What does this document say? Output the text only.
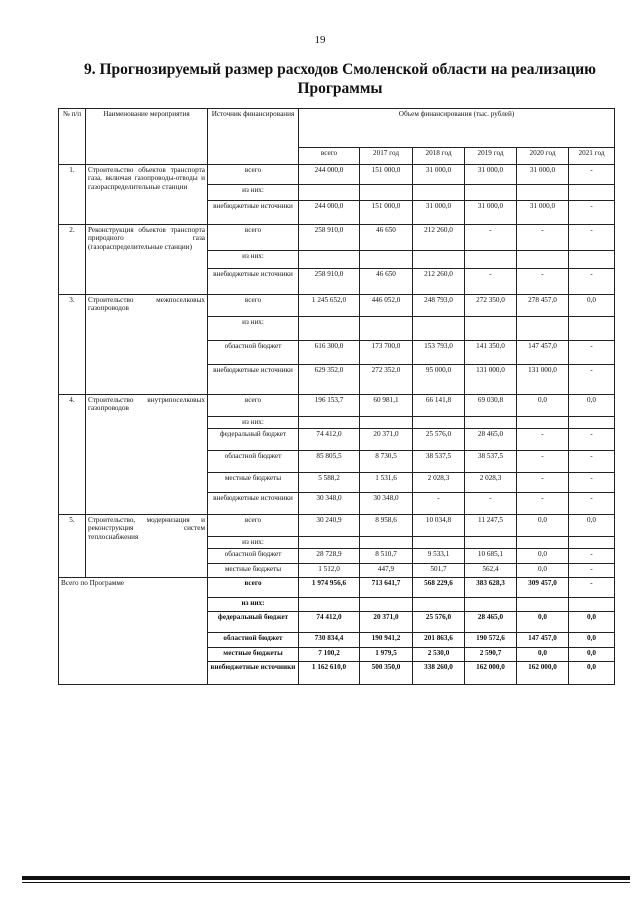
19
9. Прогнозируемый размер расходов Смоленской области на реализацию
Программы
№ п/п	Наименование мероприятия	Источник финансирования	Объем финансирования (тыс. рублей)					
			всего	2017 год	2018 год	2019 год	2020 год	2021 год
1.	Строительство объектов транспорта газа, включая газопроводы-отводы и газораспределительные станции	всего	244 000,0	151 000,0	31 000,0	31 000,0	31 000,0	-
		из них:						
		внебюджетные источники	244 000,0	151 000,0	31 000,0	31 000,0	31 000,0	-
2.	Реконструкция объектов транспорта природного газа (газораспределительные станции)	всего	258 910,0	46 650	212 260,0	-	-	-
		из них:						
		внебюджетные источники	258 910,0	46 650	212 260,0	-	-	-
3.	Строительство межпоселковых газопроводов	всего	1 245 652,0	446 052,0	248 793,0	272 350,0	278 457,0	0,0
		из них:						
		областной бюджет	616 300,0	173 700,0	153 793,0	141 350,0	147 457,0	-
		внебюджетные источники	629 352,0	272 352,0	95 000,0	131 000,0	131 000,0	-
4.	Строительство внутрипоселковых газопроводов	всего	196 153,7	60 981,1	66 141,8	69 030,8	0,0	0,0
		из них:						
		федеральный бюджет	74 412,0	20 371,0	25 576,0	28 465,0	-	-
		областной бюджет	85 805,5	8 730,5	38 537,5	38 537,5	-	-
		местные бюджеты	5 588,2	1 531,6	2 028,3	2 028,3	-	-
		внебюджетные источники	30 348,0	30 348,0	-	-	-	-
5.	Строительство, модернизация и реконструкция систем теплоснабжения	всего	30 240,9	8 958,6	10 034,8	11 247,5	0,0	0,0
		из них:						
		областной бюджет	28 728,9	8 510,7	9 533,1	10 685,1	0,0	-
		местные бюджеты	1 512,0	447,9	501,7	562,4	0,0	-
Всего по Программе		всего	1 974 956,6	713 641,7	568 229,6	383 628,3	309 457,0	-
		из них:						
		федеральный бюджет	74 412,0	20 371,0	25 576,0	28 465,0	0,0	0,0
		областной бюджет	730 834,4	190 941,2	201 863,6	190 572,6	147 457,0	0,0
		местные бюджеты	7 100,2	1 979,5	2 530,0	2 590,7	0,0	0,0
		внебюджетные источники	1 162 610,0	500 350,0	338 260,0	162 000,0	162 000,0	0,0
